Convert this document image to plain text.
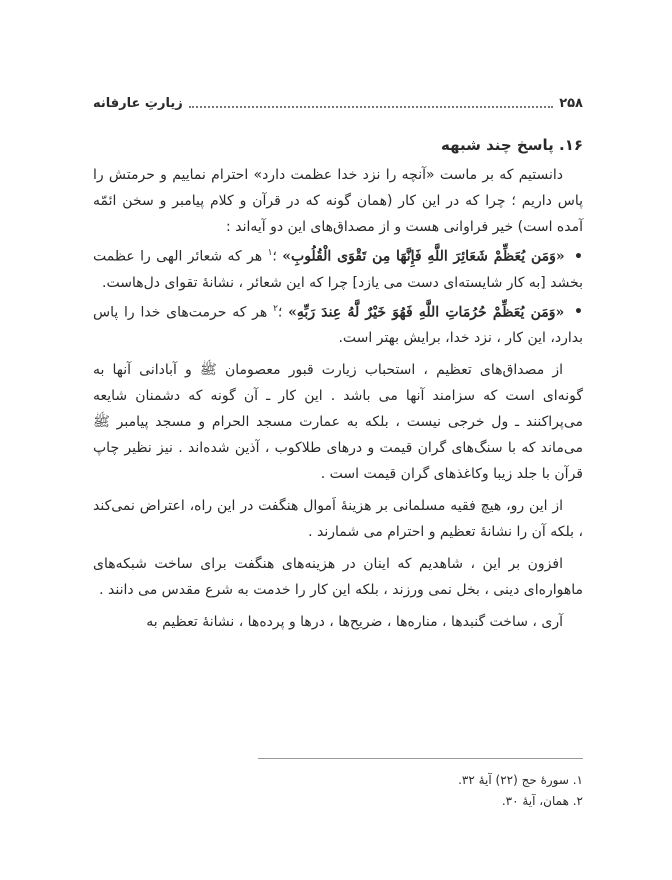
۲۵۸
زیارتِ عارفانه
۱۶. پاسخ چند شبهه

دانستیم که بر ماست «آنچه را نزد خدا عظمت دارد» احترام نماییم و حرمتش را پاس داریم ؛ چرا که در این کار (همان گونه که در قرآن و کلام پیامبر و سخن ائمّه آمده است) خیر فراوانی هست و از مصداق‌های این دو آیه‌اند :

• «وَمَن يُعَظِّمْ شَعَائِرَ اللَّهِ فَإِنَّهَا مِن تَقْوَى الْقُلُوبِ» ؛$^۱$ هر که شعائر الهی را عظمت بخشد [به کار شایسته‌ای دست می یازد] چرا که این شعائر ، نشانهٔ تقوای دل‌هاست.

• «وَمَن يُعَظِّمْ حُرُمَاتِ اللَّهِ فَهُوَ خَيْرٌ لَّهُ عِندَ رَبِّهِ» ؛$^۲$ هر که حرمت‌های خدا را پاس بدارد، این کار ، نزد خدا، برایش بهتر است.

از مصداق‌های تعظیم ، استحباب زیارت قبور معصومان ﷺ و آبادانی آنها به گونه‌ای است که سزامند آنها می باشد . این کار ـ آن گونه که دشمنان شایعه می‌پراکنند ـ ول خرجی نیست ، بلکه به عمارت مسجد الحرام و مسجد پیامبر ﷺ می‌ماند که با سنگ‌های گران قیمت و درهای طلاکوب ، آذین شده‌اند . نیز نظیر چاپ قرآن با جلد زیبا وکاغذهای گران قیمت است .

از این رو، هیچ فقیه مسلمانی بر هزینهٔ اَموال هنگفت در این راه، اعتراض نمی‌کند ، بلکه آن را نشانهٔ تعظیم و احترام می شمارند .

افزون بر این ، شاهدیم که اینان در هزینه‌های هنگفت برای ساخت شبکه‌های ماهواره‌ای دینی ، بخل نمی ورزند ، بلکه این کار را خدمت به شرع مقدس می دانند .

آری ، ساخت گنبدها ، مناره‌ها ، ضریح‌ها ، درها و پرده‌ها ، نشانهٔ تعظیم به

۱. سورهٔ حج (۲۲) آیهٔ ۳۲.
۲. همان، آیهٔ ۳۰.
